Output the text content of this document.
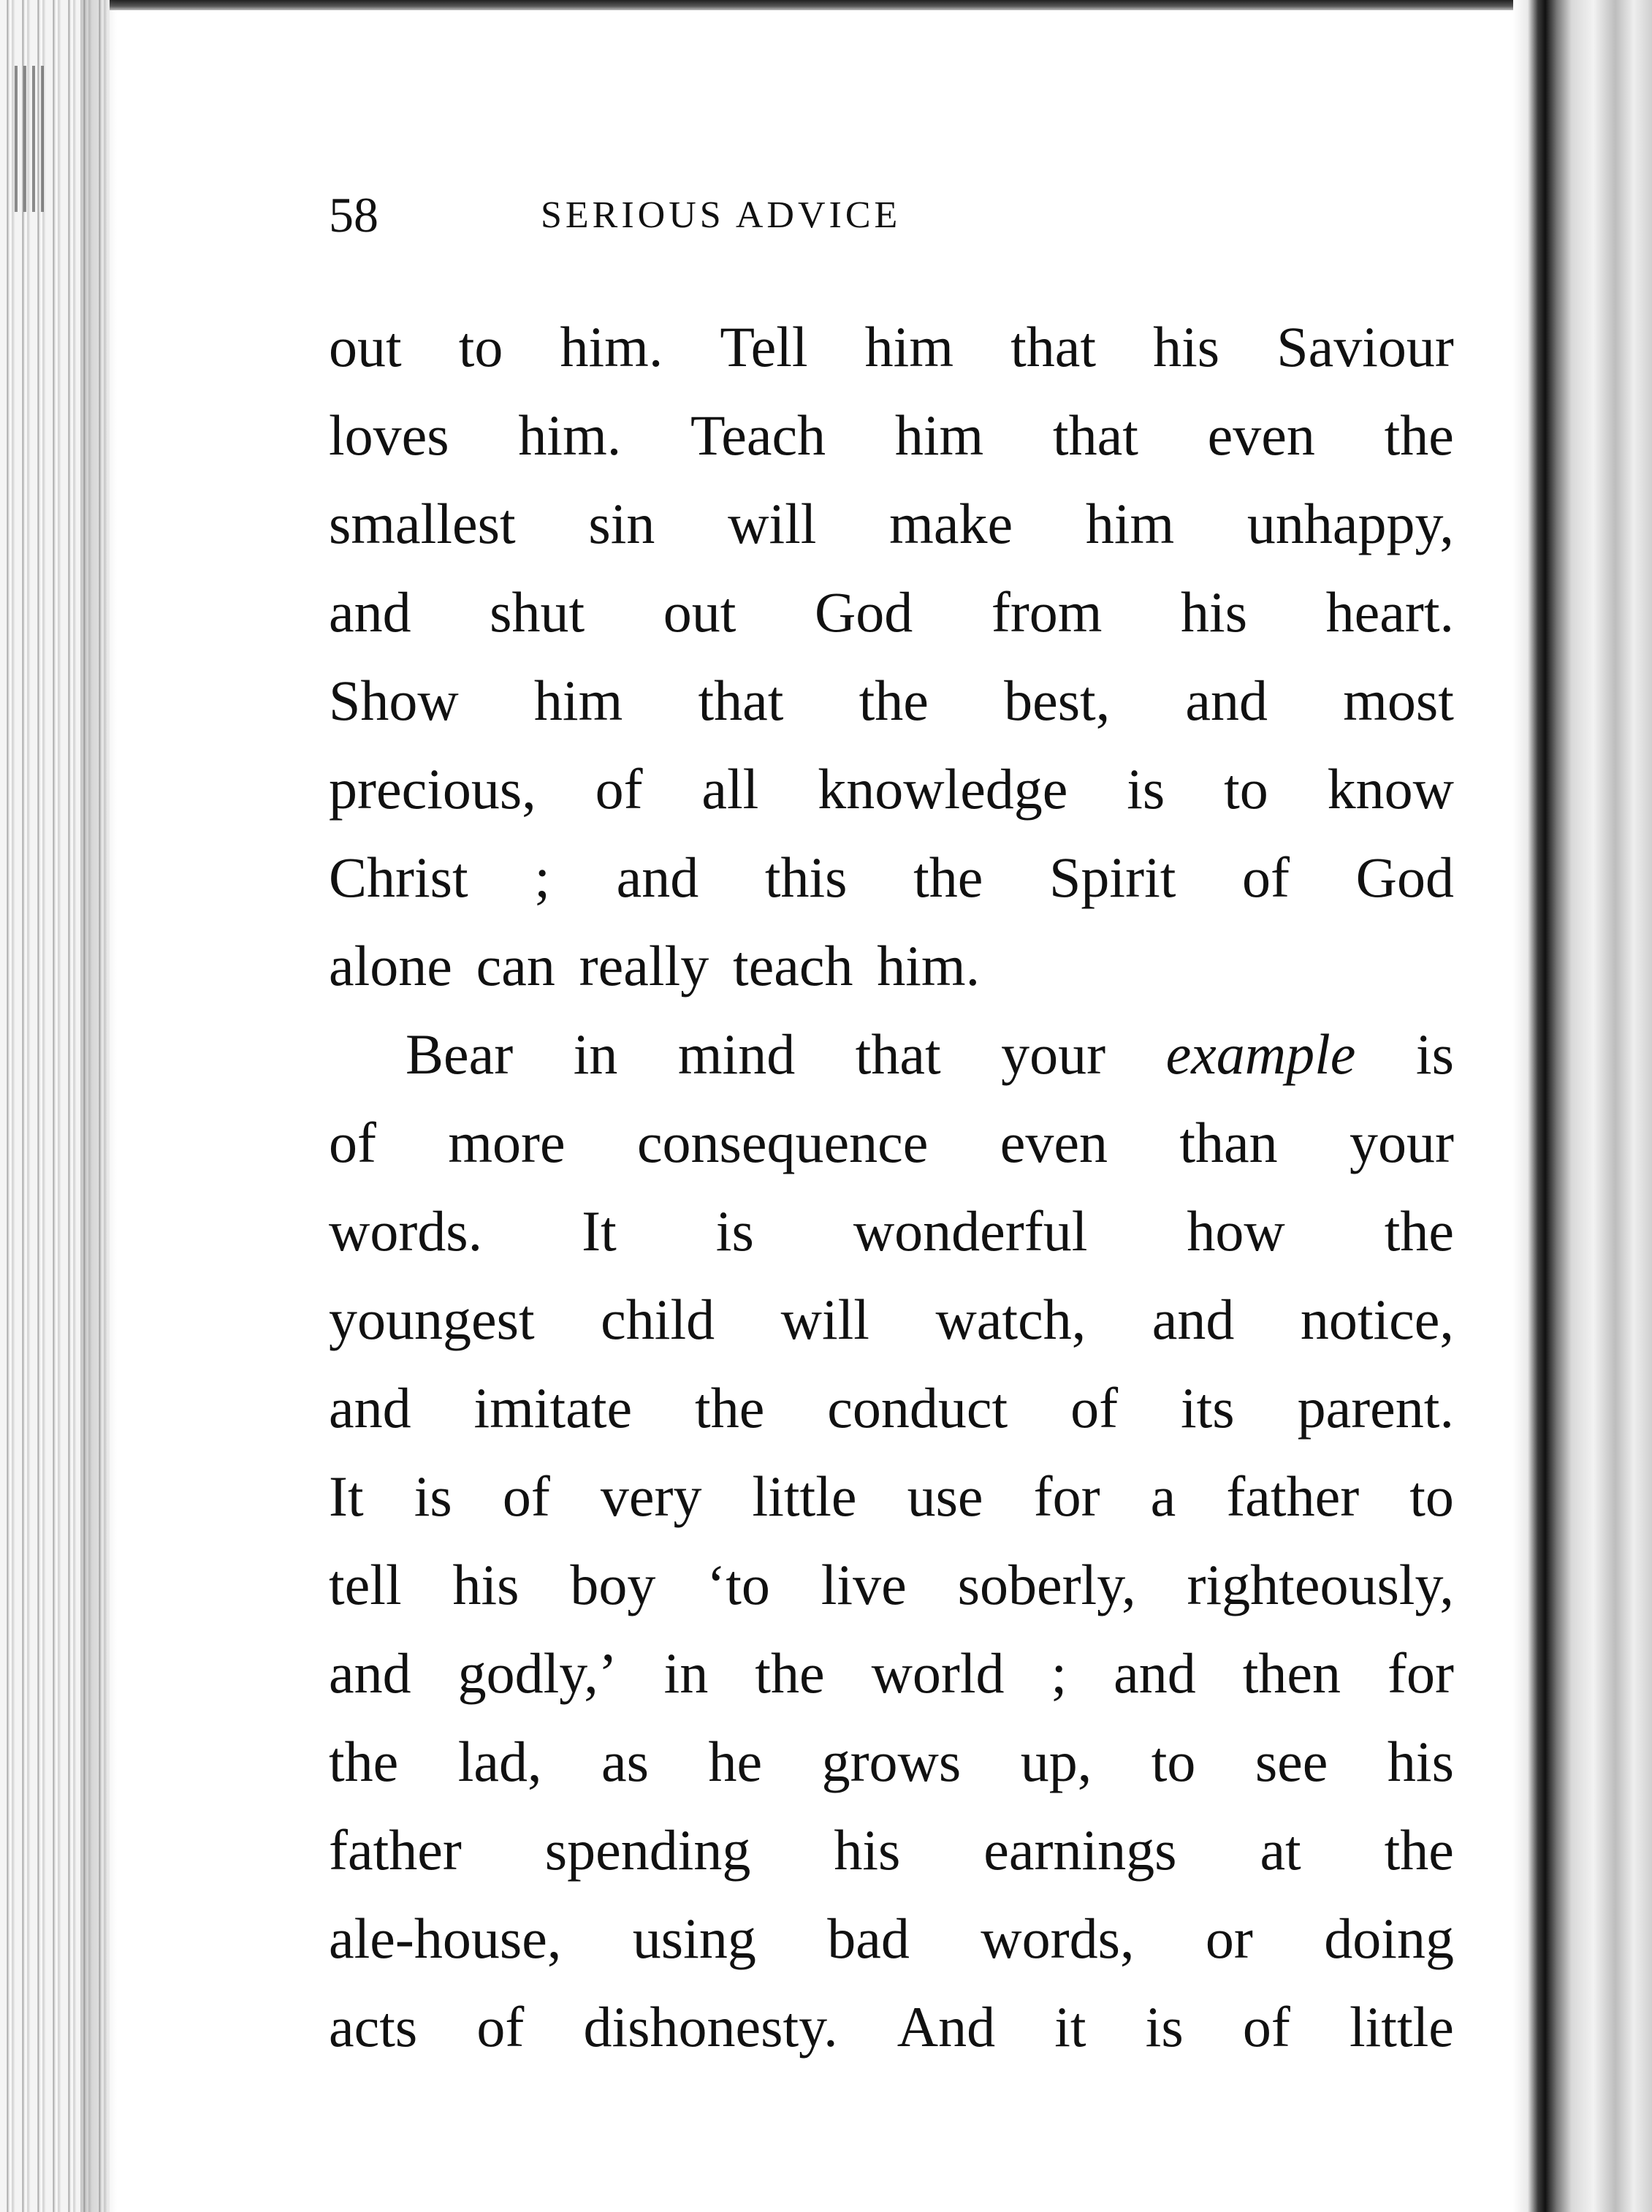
58	SERIOUS ADVICE
out to him. Tell him that his Saviour
loves him. Teach him that even the
smallest sin will make him unhappy,
and shut out God from his heart.
Show him that the best, and most
precious, of all knowledge is to know
Christ ; and this the Spirit of God
alone can really teach him.
Bear in mind that your example is
of more consequence even than your
words. It is wonderful how the
youngest child will watch, and notice,
and imitate the conduct of its parent.
It is of very little use for a father to
tell his boy ‘to live soberly, righteously,
and godly,’ in the world ; and then for
the lad, as he grows up, to see his
father spending his earnings at the
ale-house, using bad words, or doing
acts of dishonesty. And it is of little
